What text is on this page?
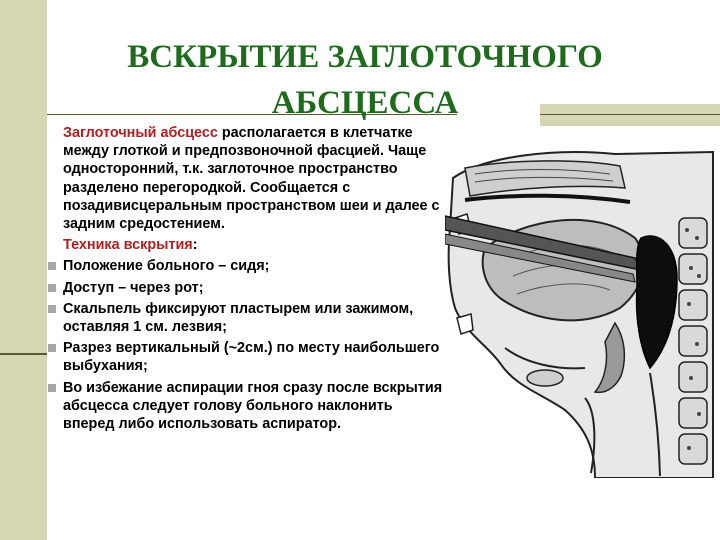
ВСКРЫТИЕ ЗАГЛОТОЧНОГО
АБСЦЕССА

Заглоточный абсцесс располагается в клетчатке между глоткой и предпозвоночной фасцией. Чаще односторонний, т.к. заглоточное пространство разделено перегородкой. Сообщается с позадивисцеральным пространством шеи и далее с задним средостением.

Техника вскрытия:

Положение больного – сидя;
Доступ – через рот;
Скальпель фиксируют пластырем или зажимом, оставляя 1 см. лезвия;
Разрез вертикальный (~2см.) по месту наибольшего выбухания;
Во избежание аспирации гноя сразу после вскрытия абсцесса следует голову больного наклонить вперед либо использовать аспиратор.
